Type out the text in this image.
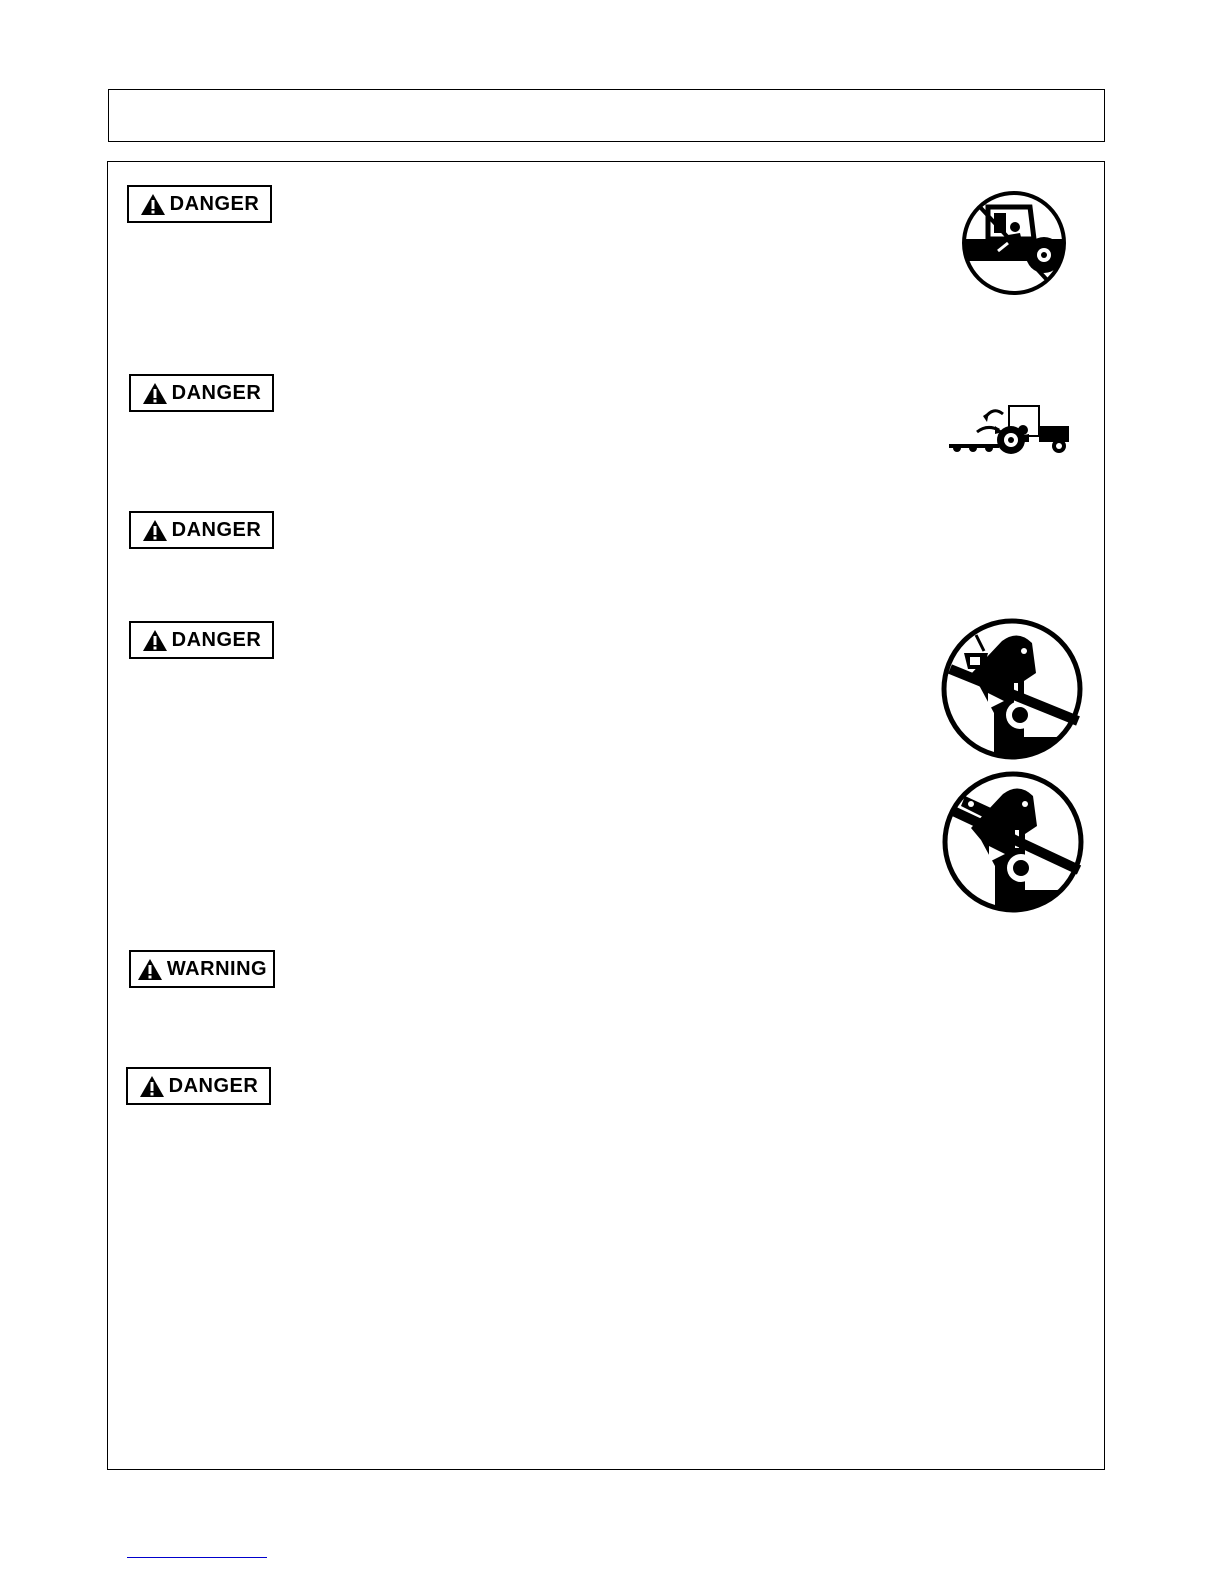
DANGER
DANGER
DANGER
DANGER
WARNING
DANGER
